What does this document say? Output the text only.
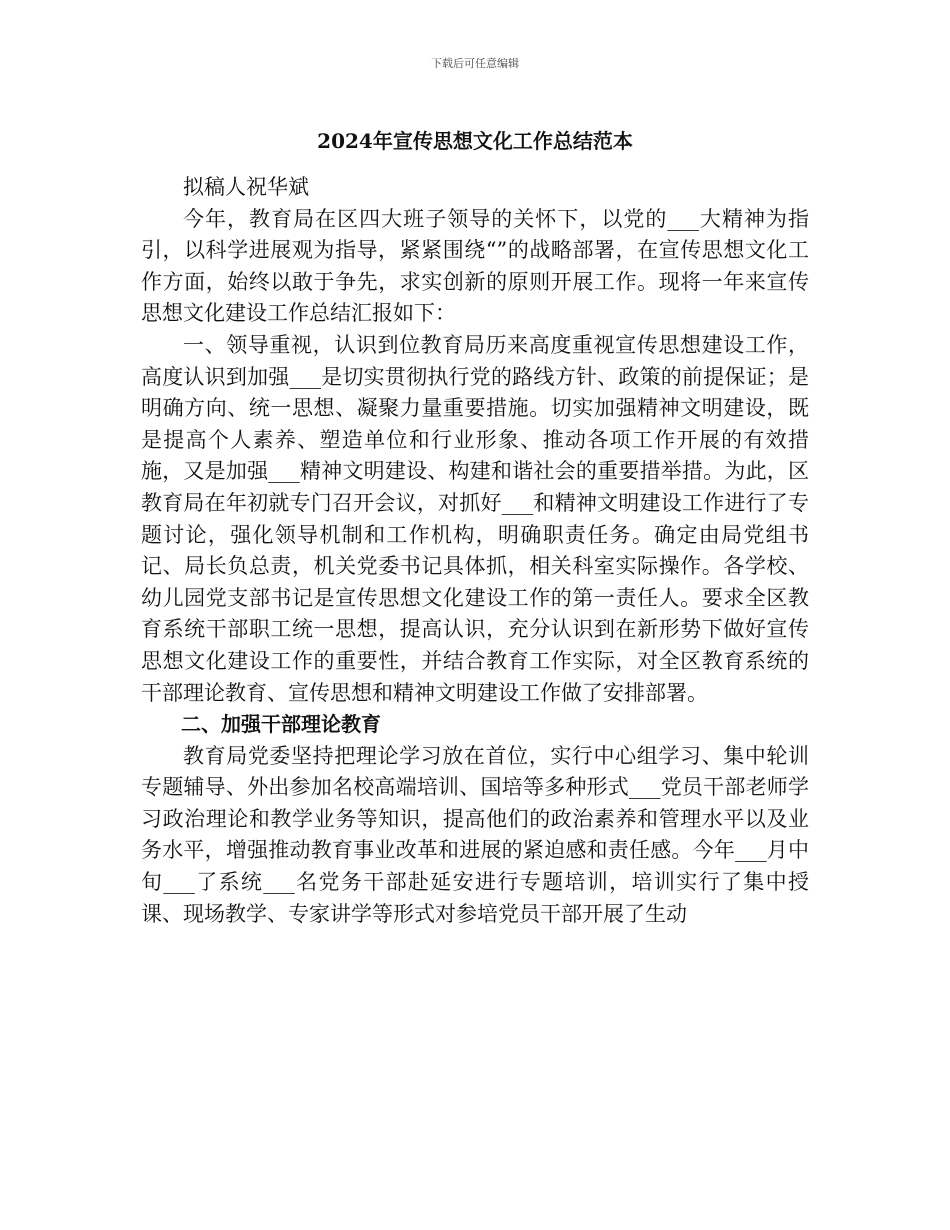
下载后可任意编辑
2024年宣传思想文化工作总结范本

拟稿人祝华斌

今年，教育局在区四大班子领导的关怀下，以党的___大精神为指引，以科学进展观为指导，紧紧围绕“”的战略部署，在宣传思想文化工作方面，始终以敢于争先，求实创新的原则开展工作。现将一年来宣传思想文化建设工作总结汇报如下：

一、领导重视，认识到位教育局历来高度重视宣传思想建设工作，高度认识到加强___是切实贯彻执行党的路线方针、政策的前提保证；是明确方向、统一思想、凝聚力量重要措施。切实加强精神文明建设，既是提高个人素养、塑造单位和行业形象、推动各项工作开展的有效措施，又是加强___精神文明建设、构建和谐社会的重要措举措。为此，区教育局在年初就专门召开会议，对抓好___和精神文明建设工作进行了专题讨论，强化领导机制和工作机构，明确职责任务。确定由局党组书记、局长负总责，机关党委书记具体抓，相关科室实际操作。各学校、幼儿园党支部书记是宣传思想文化建设工作的第一责任人。要求全区教育系统干部职工统一思想，提高认识，充分认识到在新形势下做好宣传思想文化建设工作的重要性，并结合教育工作实际，对全区教育系统的干部理论教育、宣传思想和精神文明建设工作做了安排部署。

二、加强干部理论教育

教育局党委坚持把理论学习放在首位，实行中心组学习、集中轮训专题辅导、外出参加名校高端培训、国培等多种形式___党员干部老师学习政治理论和教学业务等知识，提高他们的政治素养和管理水平以及业务水平，增强推动教育事业改革和进展的紧迫感和责任感。今年___月中旬___了系统___名党务干部赴延安进行专题培训，培训实行了集中授课、现场教学、专家讲学等形式对参培党员干部开展了生动
